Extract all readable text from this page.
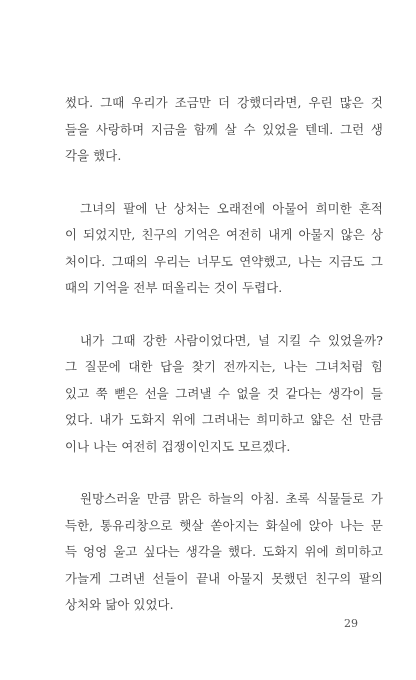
썼다. 그때 우리가 조금만 더 강했더라면, 우린 많은 것
들을 사랑하며 지금을 함께 살 수 있었을 텐데. 그런 생
각을 했다.

그녀의 팔에 난 상처는 오래전에 아물어 희미한 흔적
이 되었지만, 친구의 기억은 여전히 내게 아물지 않은 상
처이다. 그때의 우리는 너무도 연약했고, 나는 지금도 그
때의 기억을 전부 떠올리는 것이 두렵다.

내가 그때 강한 사람이었다면, 널 지킬 수 있었을까?
그 질문에 대한 답을 찾기 전까지는, 나는 그녀처럼 힘
있고 쭉 뻗은 선을 그려낼 수 없을 것 같다는 생각이 들
었다. 내가 도화지 위에 그려내는 희미하고 얇은 선 만큼
이나 나는 여전히 겁쟁이인지도 모르겠다.

원망스러울 만큼 맑은 하늘의 아침. 초록 식물들로 가
득한, 통유리창으로 햇살 쏟아지는 화실에 앉아 나는 문
득 엉엉 울고 싶다는 생각을 했다. 도화지 위에 희미하고
가늘게 그려낸 선들이 끝내 아물지 못했던 친구의 팔의
상처와 닮아 있었다.

29
